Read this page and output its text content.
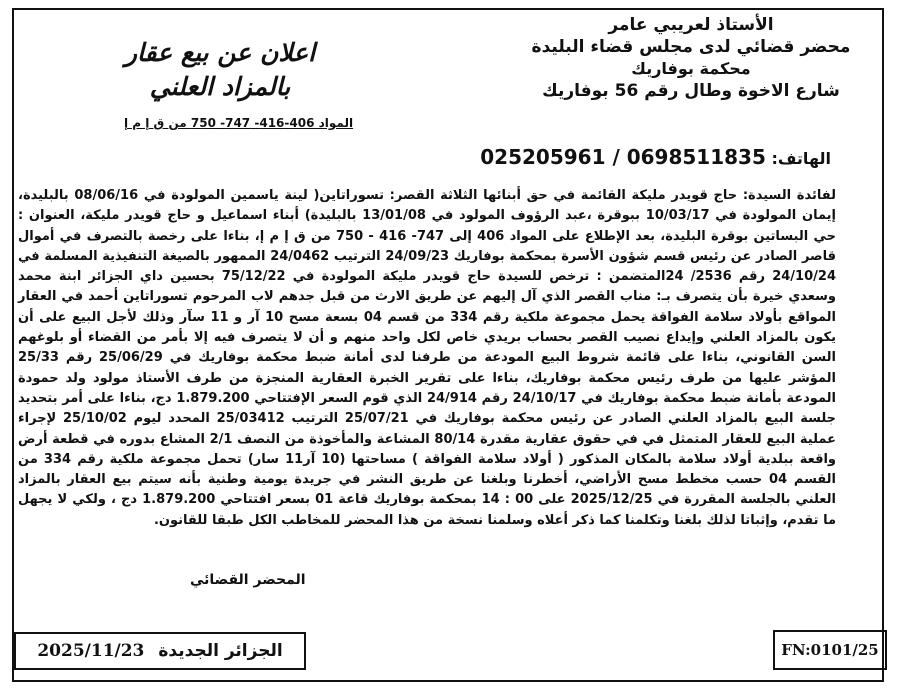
الأستاذ لعريبي عامر
محضر قضائي لدى مجلس قضاء البليدة
محكمة بوفاريك
شارع الاخوة وطال رقم 56 بوفاريك
الهاتف: 0698511835 / 025205961
اعلان عن بيع عقار
بالمزاد العلني
المواد 406-416- 747- 750 من ق إ م إ
لفائدة السيدة: حاج قويدر مليكة القائمة في حق أبنائها الثلاثة القصر: تسوراتاين( لينة ياسمين المولودة في 08/06/16 بالبليدة، إيمان المولودة في 10/03/17 ببوقرة ،عبد الرؤوف المولود في 13/01/08 بالبليدة) أبناء اسماعيل و حاج قويدر مليكة، العنوان : حي البساتين بوقرة البليدة، بعد الإطلاع على المواد 406 إلى 747- 416 - 750 من ق إ م إ، بناءا على رخصة بالتصرف في أموال قاصر الصادر عن رئيس قسم شؤون الأسرة بمحكمة بوفاريك 24/09/23 الترتيب 24/0462 الممهور بالصيغة التنفيذية المسلمة في 24/10/24 رقم 2536/ 24المتضمن : ترخص للسيدة حاج قويدر مليكة المولودة في 75/12/22 بحسين داي الجزائر ابنة محمد وسعدي خيرة بأن يتصرف بـ: مناب القصر الذي آل إليهم عن طريق الارث من قبل جدهم لاب المرحوم تسوراتاين أحمد في العقار المواقع بأولاد سلامة الفواقة يحمل مجموعة ملكية رقم 334 من قسم 04 بسعة مسح 10 آر و 11 سآر وذلك لأجل البيع على أن يكون بالمزاد العلني وإيداع نصيب القصر بحساب بريدي خاص لكل واحد منهم و أن لا يتصرف فيه إلا بأمر من القضاء أو بلوغهم السن القانوني، بناءا على قائمة شروط البيع المودعة من طرفنا لدى أمانة ضبط محكمة بوفاريك في 25/06/29 رقم 25/33 المؤشر عليها من طرف رئيس محكمة بوفاريك، بناءا على تقرير الخبرة العقارية المنجزة من طرف الأستاذ مولود ولد حمودة المودعة بأمانة ضبط محكمة بوفاريك في 24/10/17 رقم 24/914 الذي قوم السعر الإفتتاحي 1.879.200 دج، بناءا على أمر بتحديد جلسة البيع بالمزاد العلني الصادر عن رئيس محكمة بوفاريك في 25/07/21 الترتيب 25/03412 المحدد ليوم 25/10/02 لإجراء عملية البيع للعقار المتمثل في في حقوق عقارية مقدرة 80/14 المشاعة والمأخوذة من النصف 2/1 المشاع بدوره في قطعة أرض واقعة ببلدية أولاد سلامة بالمكان المذكور ( أولاد سلامة الفواقة ) مساحتها (10 آر11 سار) تحمل مجموعة ملكية رقم 334 من القسم 04 حسب مخطط مسح الأراضي، أخطرنا وبلغنا عن طريق النشر في جريدة يومية وطنية بأنه سيتم بيع العقار بالمزاد العلني بالجلسة المقررة في 2025/12/25 على 00 : 14 بمحكمة بوفاريك قاعة 01 بسعر افتتاحي 1.879.200 دج ، ولكي لا يجهل ما تقدم، وإثباتا لذلك بلغنا وتكلمنا كما ذكر أعلاه وسلمنا نسخة من هذا المحضر للمخاطب الكل طبقا للقانون.
المحضر القضائي
2025/11/23 الجزائر الجديدة	FN:0101/25
